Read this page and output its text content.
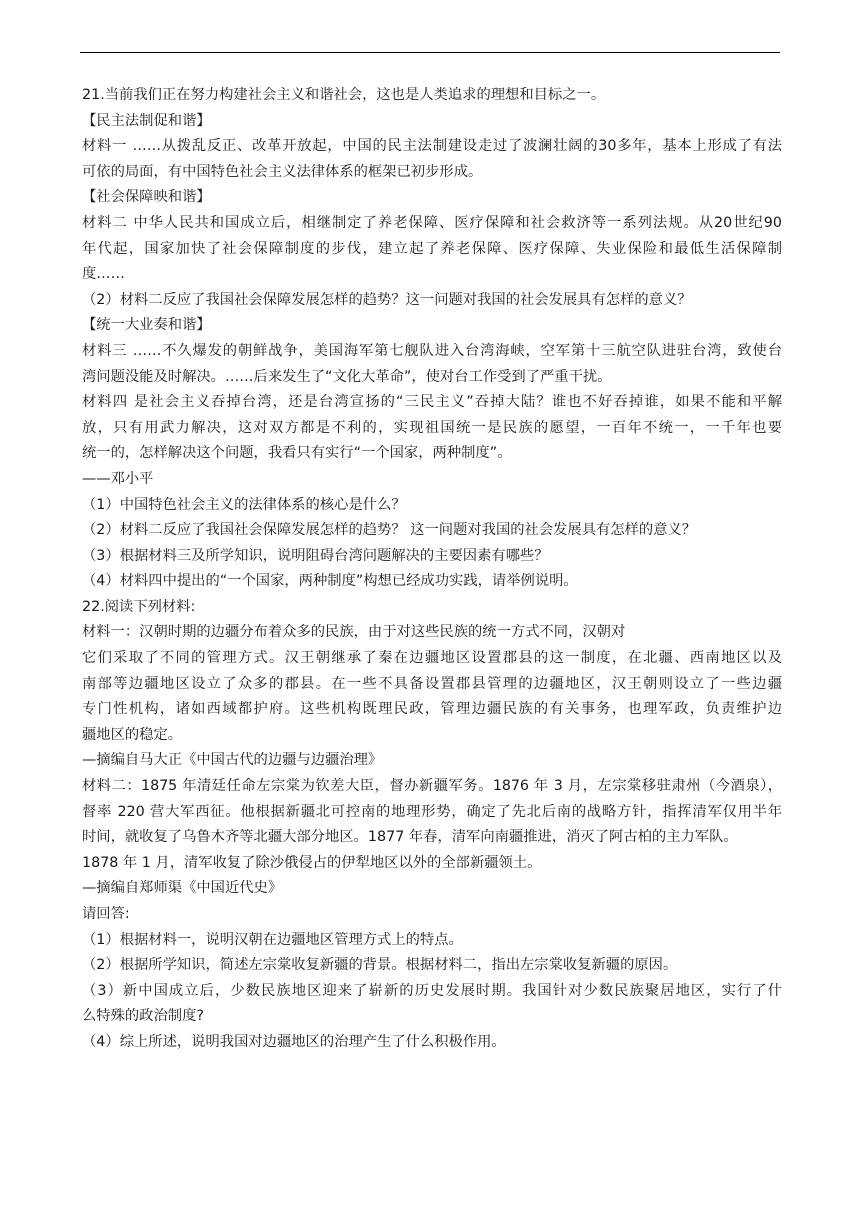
21.当前我们正在努力构建社会主义和谐社会，这也是人类追求的理想和目标之一。
【民主法制促和谐】
材料一 ……从拨乱反正、改革开放起，中国的民主法制建设走过了波澜壮阔的30多年，基本上形成了有法
可依的局面，有中国特色社会主义法律体系的框架已初步形成。
【社会保障映和谐】
材料二 中华人民共和国成立后，相继制定了养老保障、医疗保障和社会救济等一系列法规。从20世纪90
年代起，国家加快了社会保障制度的步伐，建立起了养老保障、医疗保障、失业保险和最低生活保障制
度……
（2）材料二反应了我国社会保障发展怎样的趋势？这一问题对我国的社会发展具有怎样的意义？
【统一大业奏和谐】
材料三 ……不久爆发的朝鲜战争，美国海军第七舰队进入台湾海峡，空军第十三航空队进驻台湾，致使台
湾问题没能及时解决。……后来发生了“文化大革命”，使对台工作受到了严重干扰。
材料四 是社会主义吞掉台湾，还是台湾宣扬的“三民主义”吞掉大陆？谁也不好吞掉谁，如果不能和平解
放，只有用武力解决，这对双方都是不利的，实现祖国统一是民族的愿望，一百年不统一，一千年也要
统一的，怎样解决这个问题，我看只有实行“一个国家，两种制度”。
——邓小平
（1）中国特色社会主义的法律体系的核心是什么？
（2）材料二反应了我国社会保障发展怎样的趋势？ 这一问题对我国的社会发展具有怎样的意义？
（3）根据材料三及所学知识，说明阻碍台湾问题解决的主要因素有哪些？
（4）材料四中提出的“一个国家，两种制度”构想已经成功实践，请举例说明。
22.阅读下列材料:
材料一：汉朝时期的边疆分布着众多的民族，由于对这些民族的统一方式不同，汉朝对
它们采取了不同的管理方式。汉王朝继承了秦在边疆地区设置郡县的这一制度，在北疆、西南地区以及
南部等边疆地区设立了众多的郡县。在一些不具备设置郡县管理的边疆地区，汉王朝则设立了一些边疆
专门性机构，诸如西域都护府。这些机构既理民政，管理边疆民族的有关事务，也理军政，负责维护边
疆地区的稳定。
—摘编自马大正《中国古代的边疆与边疆治理》
材料二：1875 年清廷任命左宗棠为钦差大臣，督办新疆军务。1876 年 3 月，左宗棠移驻肃州（今酒泉），
督率 220 营大军西征。他根据新疆北可控南的地理形势，确定了先北后南的战略方针，指挥清军仅用半年
时间，就收复了乌鲁木齐等北疆大部分地区。1877 年春，清军向南疆推进，消灭了阿古柏的主力军队。
1878 年 1 月，清军收复了除沙俄侵占的伊犁地区以外的全部新疆领土。
—摘编自郑师渠《中国近代史》
请回答:
（1）根据材料一，说明汉朝在边疆地区管理方式上的特点。
（2）根据所学知识，简述左宗棠收复新疆的背景。根据材料二，指出左宗棠收复新疆的原因。
（3）新中国成立后，少数民族地区迎来了崭新的历史发展时期。我国针对少数民族聚居地区，实行了什
么特殊的政治制度?
（4）综上所述，说明我国对边疆地区的治理产生了什么积极作用。
